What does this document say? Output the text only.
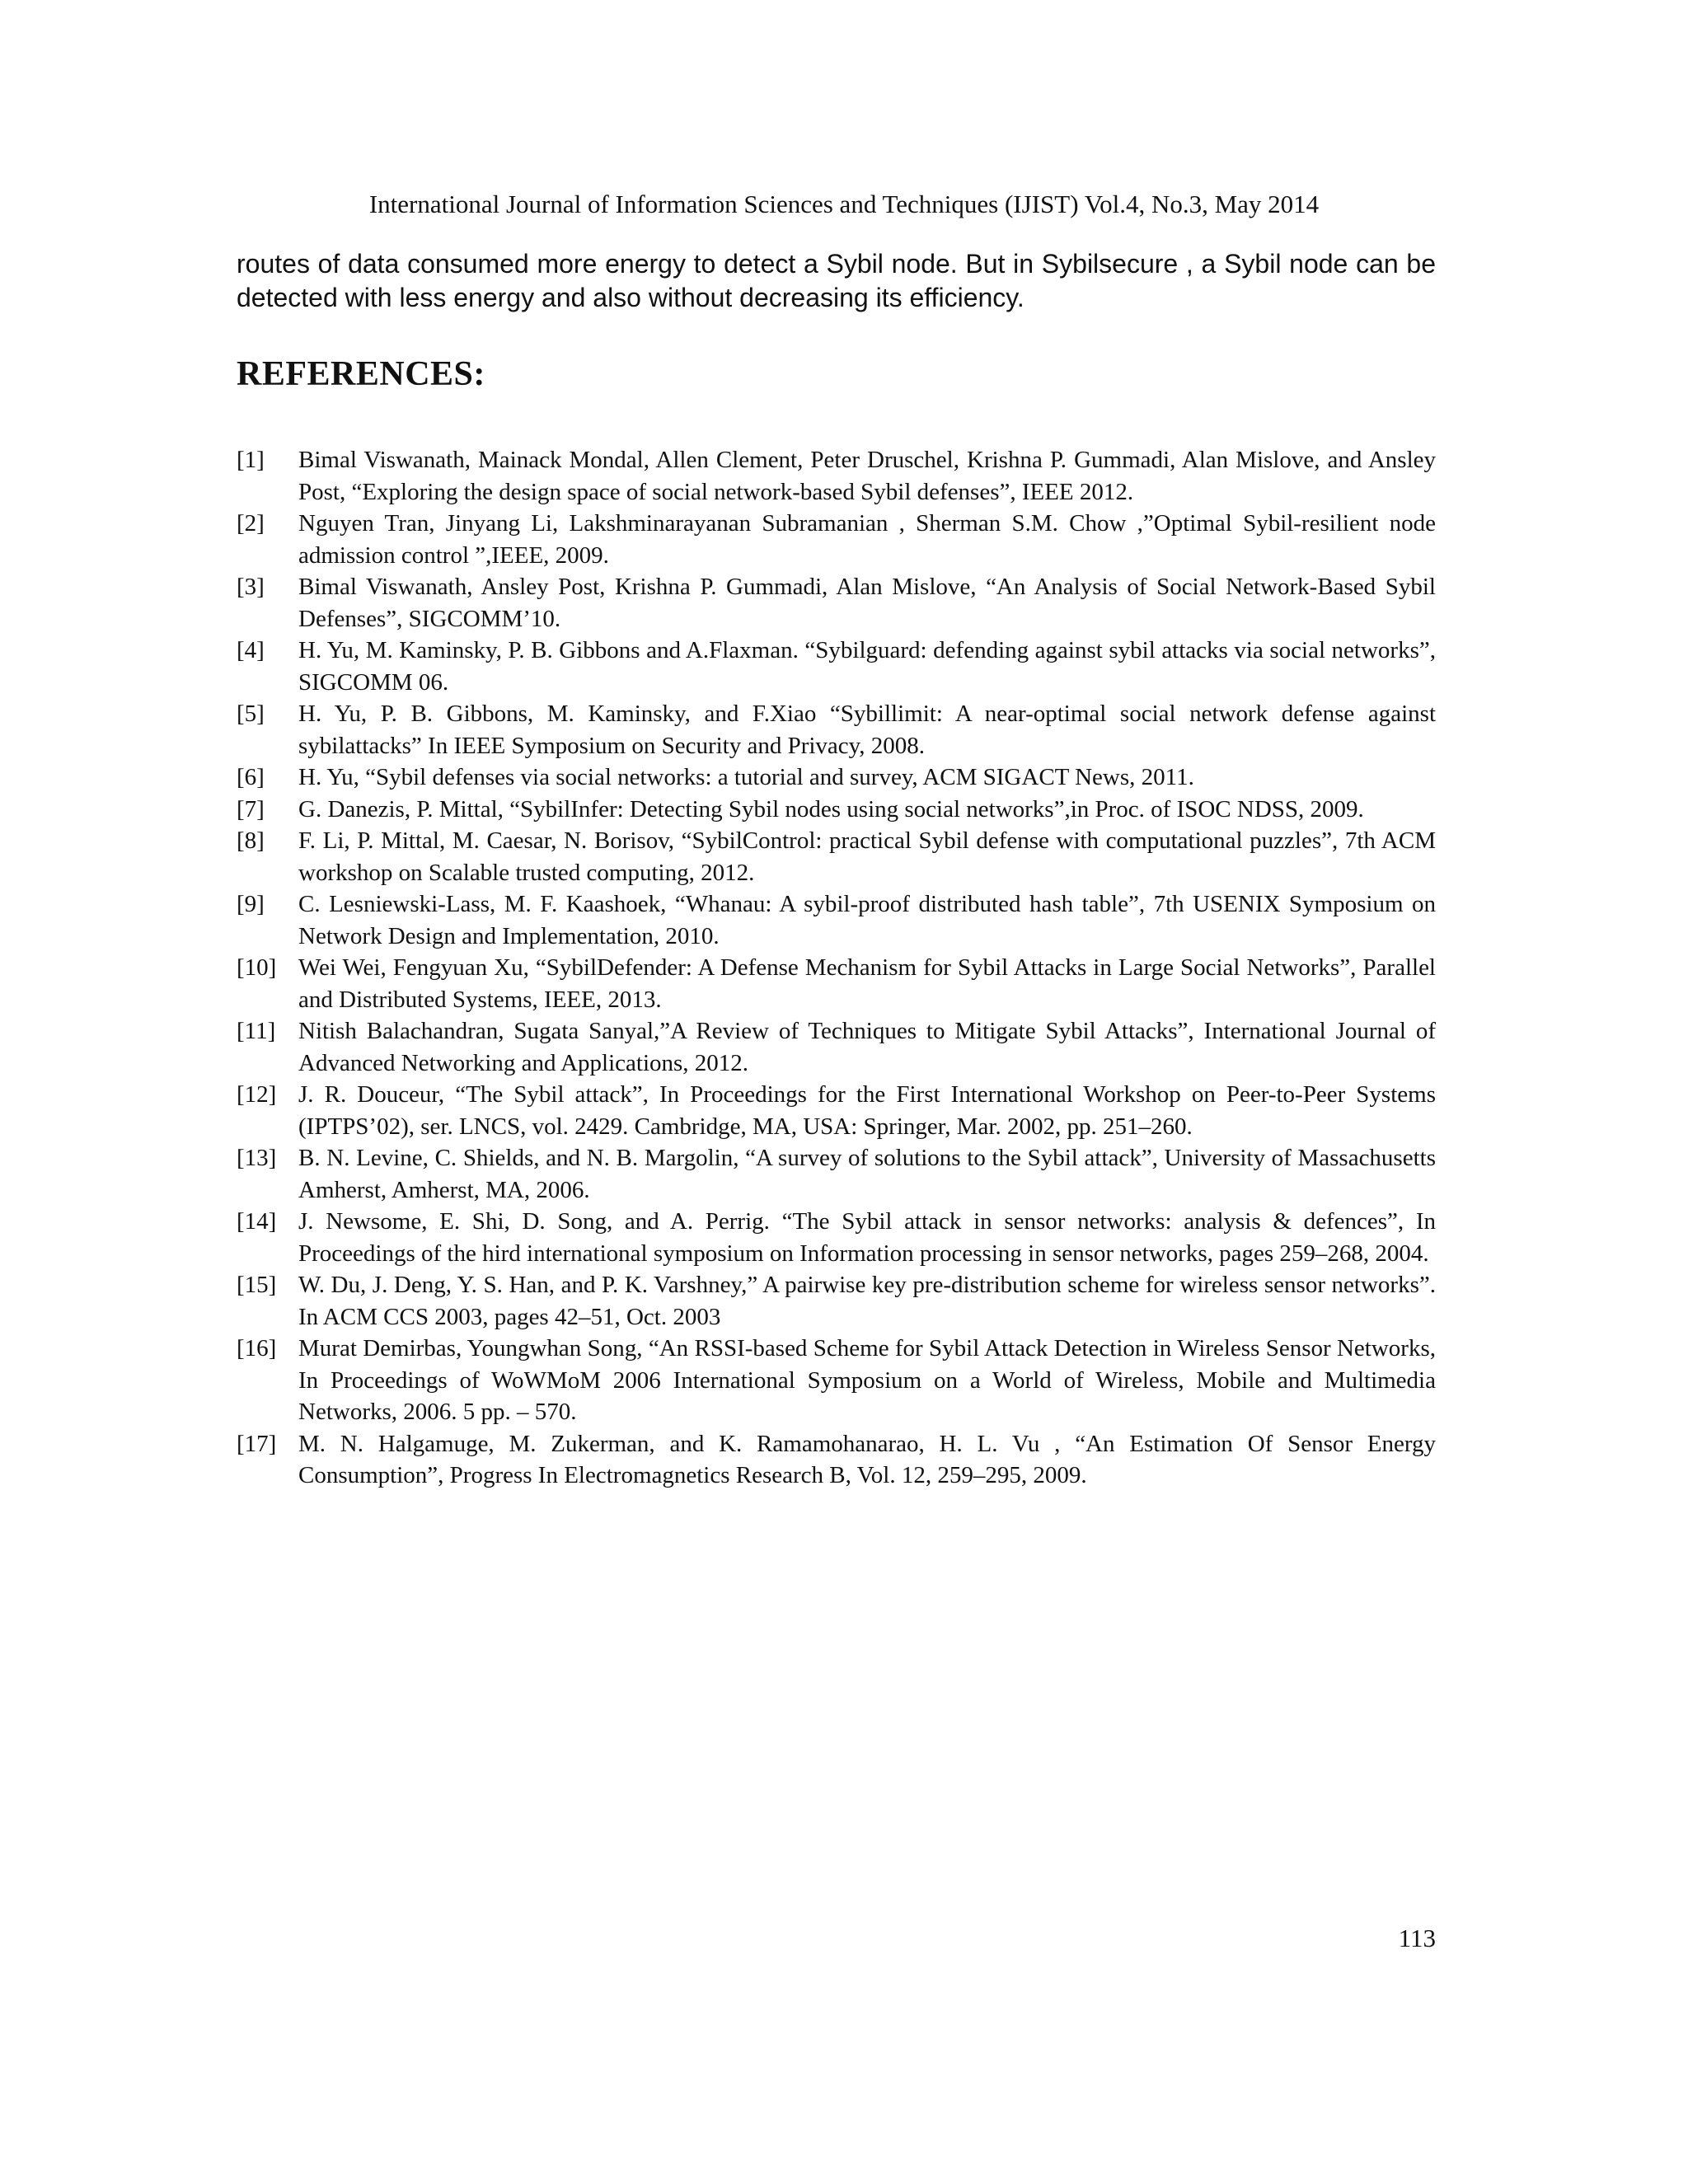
International Journal of Information Sciences and Techniques (IJIST) Vol.4, No.3, May 2014

routes of data consumed more energy to detect a Sybil node. But in Sybilsecure , a Sybil node can be detected with less energy and also without decreasing its efficiency.

REFERENCES:
[1]	Bimal Viswanath, Mainack Mondal, Allen Clement, Peter Druschel, Krishna P. Gummadi, Alan Mislove, and Ansley Post, “Exploring the design space of social network-based Sybil defenses”, IEEE 2012.
[2]	Nguyen Tran, Jinyang Li, Lakshminarayanan Subramanian , Sherman S.M. Chow ,”Optimal Sybil-resilient node admission control ”,IEEE, 2009.
[3]	Bimal Viswanath, Ansley Post, Krishna P. Gummadi, Alan Mislove, “An Analysis of Social Network-Based Sybil Defenses”, SIGCOMM’10.
[4]	H. Yu, M. Kaminsky, P. B. Gibbons and A.Flaxman. “Sybilguard: defending against sybil attacks via social networks”, SIGCOMM 06.
[5]	H. Yu, P. B. Gibbons, M. Kaminsky, and F.Xiao “Sybillimit: A near-optimal social network defense against sybilattacks” In IEEE Symposium on Security and Privacy, 2008.
[6]	H. Yu, “Sybil defenses via social networks: a tutorial and survey, ACM SIGACT News, 2011.
[7]	G. Danezis, P. Mittal, “SybilInfer: Detecting Sybil nodes using social networks”,in Proc. of ISOC NDSS, 2009.
[8]	F. Li, P. Mittal, M. Caesar, N. Borisov, “SybilControl: practical Sybil defense with computational puzzles”, 7th ACM workshop on Scalable trusted computing, 2012.
[9]	C. Lesniewski-Lass, M. F. Kaashoek, “Whanau: A sybil-proof distributed hash table”, 7th USENIX Symposium on Network Design and Implementation, 2010.
[10] Wei Wei, Fengyuan Xu, “SybilDefender: A Defense Mechanism for Sybil Attacks in Large Social Networks”, Parallel and Distributed Systems, IEEE, 2013.
[11] Nitish Balachandran, Sugata Sanyal,”A Review of Techniques to Mitigate Sybil Attacks”, International Journal of Advanced Networking and Applications, 2012.
[12] J. R. Douceur, “The Sybil attack”, In Proceedings for the First International Workshop on Peer-to-Peer Systems (IPTPS’02), ser. LNCS, vol. 2429. Cambridge, MA, USA: Springer, Mar. 2002, pp. 251–260.
[13] B. N. Levine, C. Shields, and N. B. Margolin, “A survey of solutions to the Sybil attack”, University of Massachusetts Amherst, Amherst, MA, 2006.
[14] J. Newsome, E. Shi, D. Song, and A. Perrig. “The Sybil attack in sensor networks: analysis & defences”, In Proceedings of the hird international symposium on Information processing in sensor networks, pages 259–268, 2004.
[15] W. Du, J. Deng, Y. S. Han, and P. K. Varshney,” A pairwise key pre-distribution scheme for wireless sensor networks”. In ACM CCS 2003, pages 42–51, Oct. 2003
[16] Murat Demirbas, Youngwhan Song, “An RSSI-based Scheme for Sybil Attack Detection in Wireless Sensor Networks, In Proceedings of WoWMoM 2006 International Symposium on a World of Wireless, Mobile and Multimedia Networks, 2006. 5 pp. – 570.
[17] M. N. Halgamuge, M. Zukerman, and K. Ramamohanarao, H. L. Vu , “An Estimation Of Sensor Energy Consumption”, Progress In Electromagnetics Research B, Vol. 12, 259–295, 2009.
113
